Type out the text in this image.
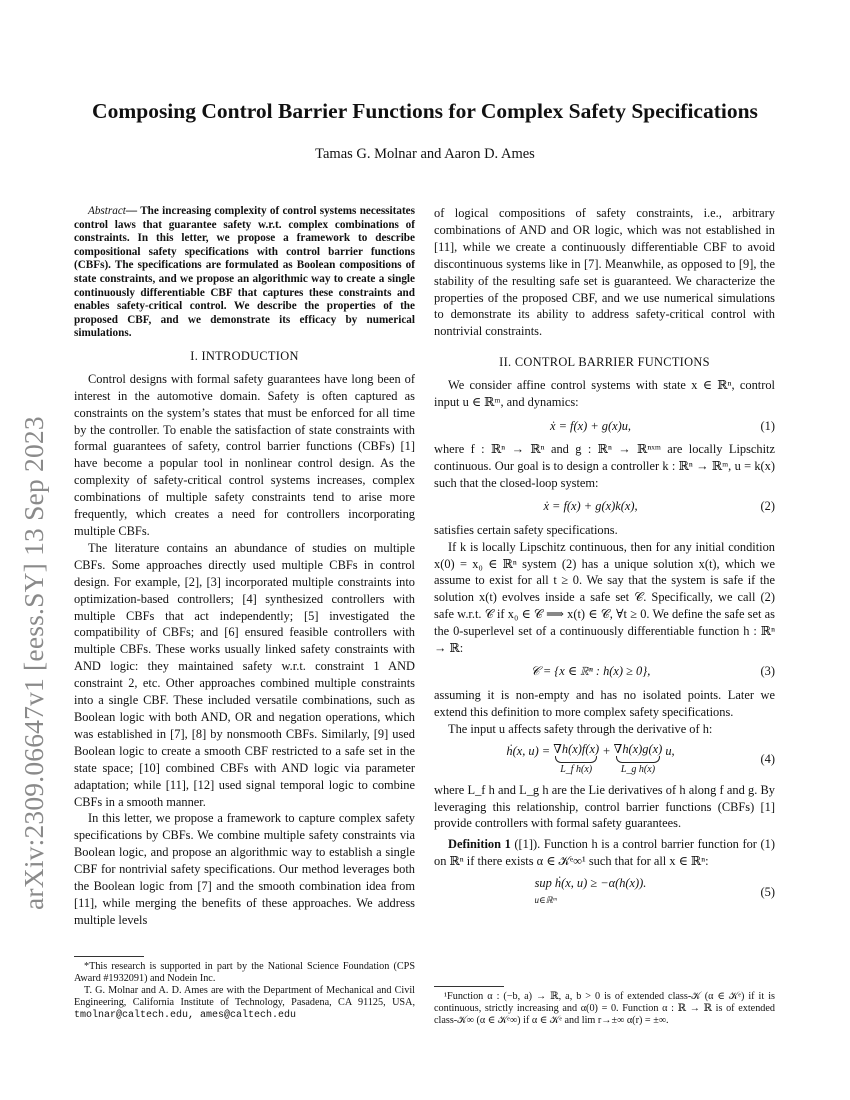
arXiv:2309.06647v1 [eess.SY] 13 Sep 2023
Composing Control Barrier Functions for Complex Safety Specifications
Tamas G. Molnar and Aaron D. Ames
Abstract— The increasing complexity of control systems necessitates control laws that guarantee safety w.r.t. complex combinations of constraints. In this letter, we propose a framework to describe compositional safety specifications with control barrier functions (CBFs). The specifications are formulated as Boolean compositions of state constraints, and we propose an algorithmic way to create a single continuously differentiable CBF that captures these constraints and enables safety-critical control. We describe the properties of the proposed CBF, and we demonstrate its efficacy by numerical simulations.
I. INTRODUCTION

Control designs with formal safety guarantees have long been of interest in the automotive domain. Safety is often captured as constraints on the system’s states that must be enforced for all time by the controller. To enable the satisfaction of state constraints with formal guarantees of safety, control barrier functions (CBFs) [1] have become a popular tool in nonlinear control design. As the complexity of safety-critical control systems increases, complex combinations of multiple safety constraints tend to arise more frequently, which creates a need for controllers incorporating multiple CBFs.

The literature contains an abundance of studies on multiple CBFs. Some approaches directly used multiple CBFs in control design. For example, [2], [3] incorporated multiple constraints into optimization-based controllers; [4] synthesized controllers with multiple CBFs that act independently; [5] investigated the compatibility of CBFs; and [6] ensured feasible controllers with multiple CBFs. These works usually linked safety constraints with AND logic: they maintained safety w.r.t. constraint 1 AND constraint 2, etc. Other approaches combined multiple constraints into a single CBF. These included versatile combinations, such as Boolean logic with both AND, OR and negation operations, which was established in [7], [8] by nonsmooth CBFs. Similarly, [9] used Boolean logic to create a smooth CBF restricted to a safe set in the state space; [10] combined CBFs with AND logic via parameter adaptation; while [11], [12] used signal temporal logic to combine CBFs in a smooth manner.

In this letter, we propose a framework to capture complex safety specifications by CBFs. We combine multiple safety constraints via Boolean logic, and propose an algorithmic way to establish a single CBF for nontrivial safety specifications. Our method leverages both the Boolean logic from [7] and the smooth combination idea from [11], while merging the benefits of these approaches. We address multiple levels

*This research is supported in part by the National Science Foundation (CPS Award #1932091) and Nodein Inc.

T. G. Molnar and A. D. Ames are with the Department of Mechanical and Civil Engineering, California Institute of Technology, Pasadena, CA 91125, USA, tmolnar@caltech.edu, ames@caltech.edu

of logical compositions of safety constraints, i.e., arbitrary combinations of AND and OR logic, which was not established in [11], while we create a continuously differentiable CBF to avoid discontinuous systems like in [7]. Meanwhile, as opposed to [9], the stability of the resulting safe set is guaranteed. We characterize the properties of the proposed CBF, and we use numerical simulations to demonstrate its ability to address safety-critical control with nontrivial constraints.

II. CONTROL BARRIER FUNCTIONS

We consider affine control systems with state x ∈ ℝⁿ, control input u ∈ ℝᵐ, and dynamics:

ẋ = f(x) + g(x)u,	(1)

where f : ℝⁿ → ℝⁿ and g : ℝⁿ → ℝⁿˣᵐ are locally Lipschitz continuous. Our goal is to design a controller k : ℝⁿ → ℝᵐ, u = k(x) such that the closed-loop system:

ẋ = f(x) + g(x)k(x),	(2)

satisfies certain safety specifications.

If k is locally Lipschitz continuous, then for any initial condition x(0) = x₀ ∈ ℝⁿ system (2) has a unique solution x(t), which we assume to exist for all t ≥ 0. We say that the system is safe if the solution x(t) evolves inside a safe set 𝒞. Specifically, we call (2) safe w.r.t. 𝒞 if x₀ ∈ 𝒞 ⟹ x(t) ∈ 𝒞, ∀t ≥ 0. We define the safe set as the 0-superlevel set of a continuously differentiable function h : ℝⁿ → ℝ:

𝒞 = {x ∈ ℝⁿ : h(x) ≥ 0},	(3)

assuming it is non-empty and has no isolated points. Later we extend this definition to more complex safety specifications.

The input u affects safety through the derivative of h:

ḣ(x, u) = ∇h(x)f(x)
L_f h(x)
+ ∇h(x)g(x)
L_g h(x)
u,
(4)

where L_f h and L_g h are the Lie derivatives of h along f and g. By leveraging this relationship, control barrier functions (CBFs) [1] provide controllers with formal safety guarantees.

Definition 1 ([1]). Function h is a control barrier function for (1) on ℝⁿ if there exists α ∈ 𝒦ᵉ∞¹ such that for all x ∈ ℝⁿ:

sup ḣ(x, u) ≥ −α(h(x)).
u∈ℝᵐ
(5)

¹Function α : (−b, a) → ℝ, a, b > 0 is of extended class-𝒦 (α ∈ 𝒦ᵉ) if it is continuous, strictly increasing and α(0) = 0. Function α : ℝ → ℝ is of extended class-𝒦∞ (α ∈ 𝒦ᵉ∞) if α ∈ 𝒦ᵉ and lim r→±∞ α(r) = ±∞.
